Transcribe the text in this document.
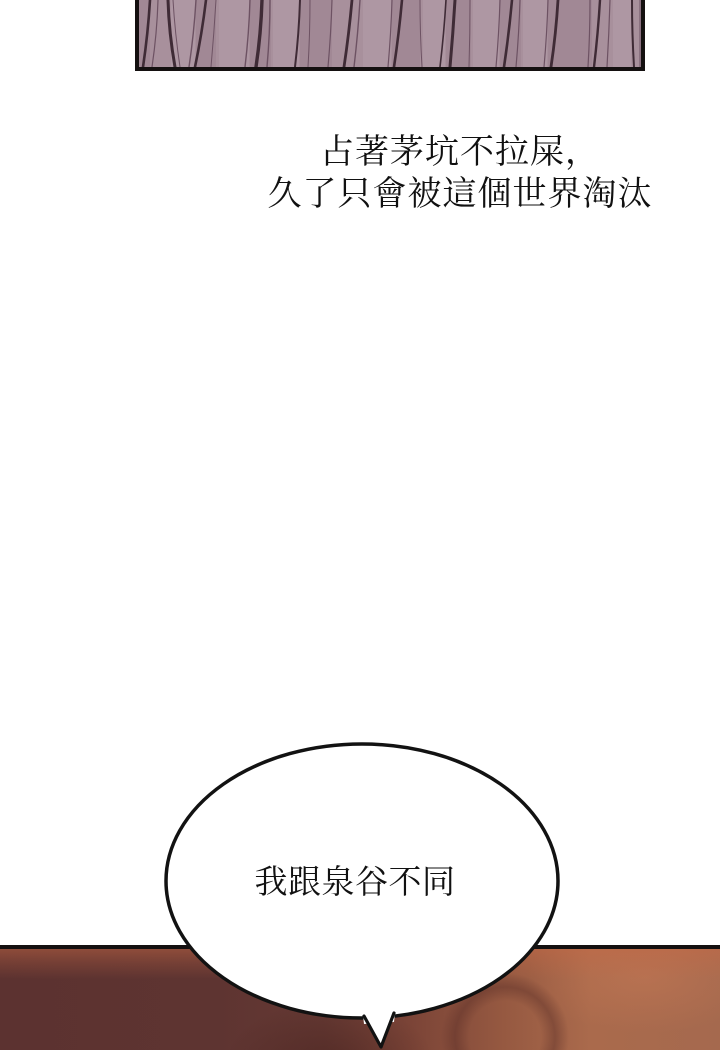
占著茅坑不拉屎，
久了只會被這個世界淘汰
我跟泉谷不同
